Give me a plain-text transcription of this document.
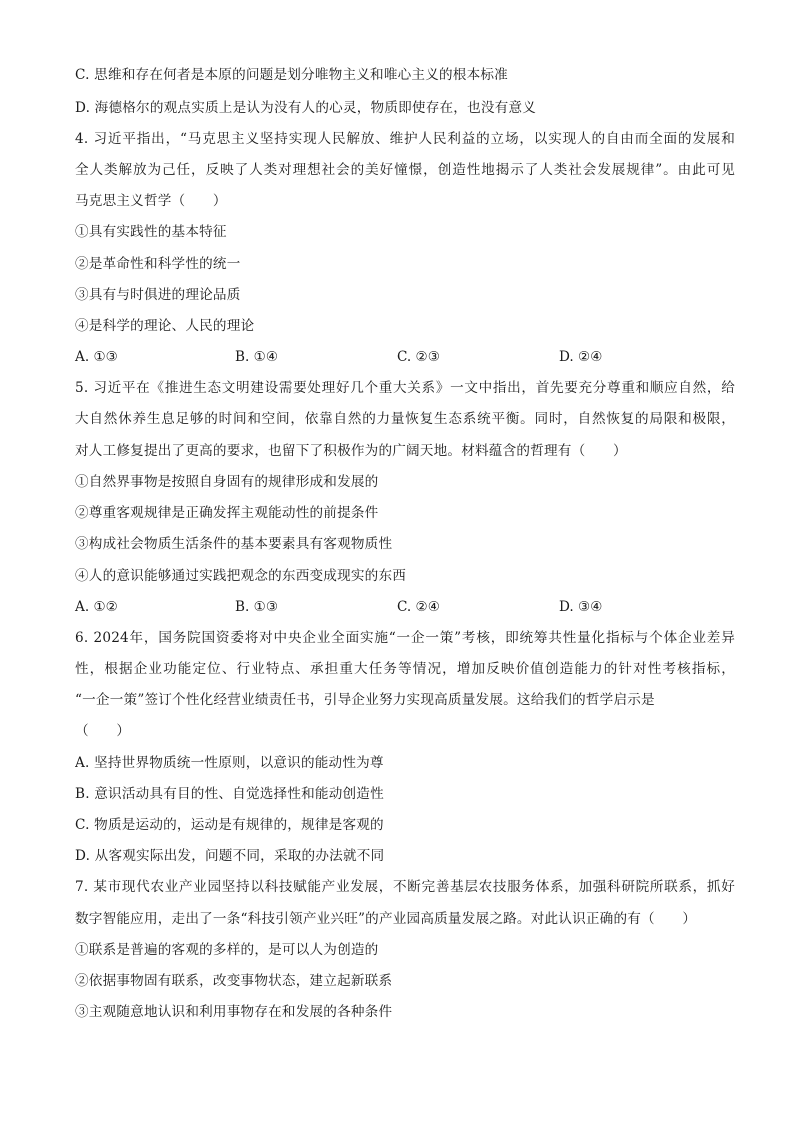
C. 思维和存在何者是本原的问题是划分唯物主义和唯心主义的根本标准
D. 海德格尔的观点实质上是认为没有人的心灵，物质即使存在，也没有意义
4. 习近平指出，“马克思主义坚持实现人民解放、维护人民利益的立场，以实现人的自由而全面的发展和
全人类解放为己任，反映了人类对理想社会的美好憧憬，创造性地揭示了人类社会发展规律”。由此可见
马克思主义哲学（　　）
①具有实践性的基本特征
②是革命性和科学性的统一
③具有与时俱进的理论品质
④是科学的理论、人民的理论
A. ①③	B. ①④	C. ②③	D. ②④
5. 习近平在《推进生态文明建设需要处理好几个重大关系》一文中指出，首先要充分尊重和顺应自然，给
大自然休养生息足够的时间和空间，依靠自然的力量恢复生态系统平衡。同时，自然恢复的局限和极限，
对人工修复提出了更高的要求，也留下了积极作为的广阔天地。材料蕴含的哲理有（　　）
①自然界事物是按照自身固有的规律形成和发展的
②尊重客观规律是正确发挥主观能动性的前提条件
③构成社会物质生活条件的基本要素具有客观物质性
④人的意识能够通过实践把观念的东西变成现实的东西
A. ①②	B. ①③	C. ②④	D. ③④
6. 2024年，国务院国资委将对中央企业全面实施“一企一策”考核，即统筹共性量化指标与个体企业差异
性，根据企业功能定位、行业特点、承担重大任务等情况，增加反映价值创造能力的针对性考核指标，
“一企一策”签订个性化经营业绩责任书，引导企业努力实现高质量发展。这给我们的哲学启示是
（　　）
A. 坚持世界物质统一性原则，以意识的能动性为尊
B. 意识活动具有目的性、自觉选择性和能动创造性
C. 物质是运动的，运动是有规律的，规律是客观的
D. 从客观实际出发，问题不同，采取的办法就不同
7. 某市现代农业产业园坚持以科技赋能产业发展，不断完善基层农技服务体系，加强科研院所联系，抓好
数字智能应用，走出了一条“科技引领产业兴旺”的产业园高质量发展之路。对此认识正确的有（　　）
①联系是普遍的客观的多样的，是可以人为创造的
②依据事物固有联系，改变事物状态，建立起新联系
③主观随意地认识和利用事物存在和发展的各种条件
